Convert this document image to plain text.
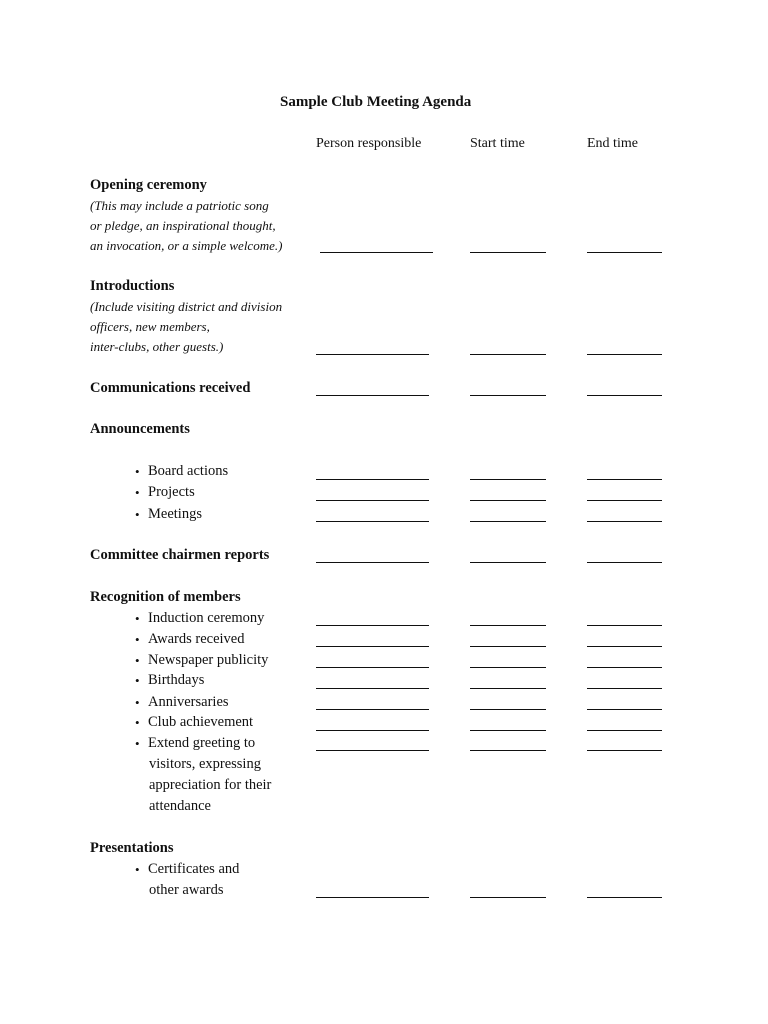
Sample Club Meeting Agenda
Person responsible	Start time	End time
Opening ceremony
(This may include a patriotic song
or pledge, an inspirational thought,
an invocation, or a simple welcome.)
Introductions
(Include visiting district and division
officers, new members,
inter-clubs, other guests.)
Communications received
Announcements
• Board actions
• Projects
• Meetings
Committee chairmen reports
Recognition of members
• Induction ceremony
• Awards received
• Newspaper publicity
• Birthdays
• Anniversaries
• Club achievement
• Extend greeting to
visitors, expressing
appreciation for their
attendance
Presentations
• Certificates and
other awards
